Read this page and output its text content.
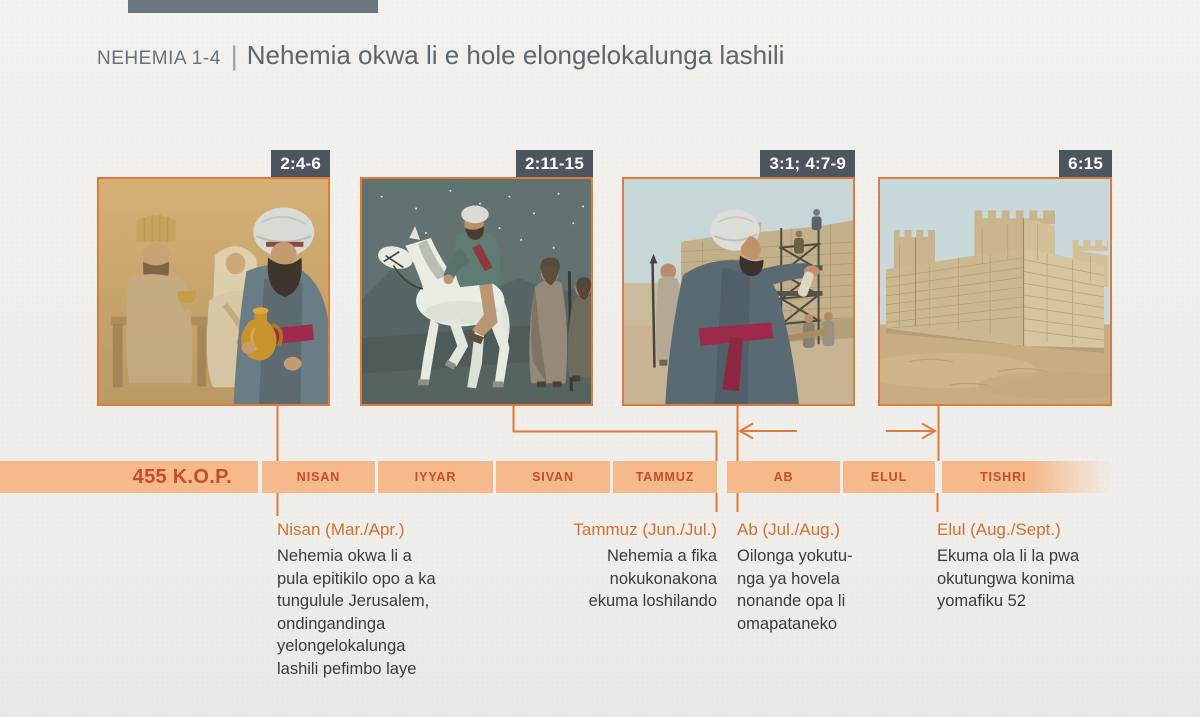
NEHEMIA 1-4 | Nehemia okwa li e hole elongelokalunga lashili
2:4-6	2:11-15	3:1; 4:7-9	6:15
455 K.O.P.	NISAN	IYYAR	SIVAN	TAMMUZ	AB	ELUL	TISHRI
Nisan (Mar./Apr.)
Nehemia okwa li a
pula epitikilo opo a ka
tungulule Jerusalem,
ondingandinga
yelongelokalunga
lashili pefimbo laye
Tammuz (Jun./Jul.)
Nehemia a fika
nokukonakona
ekuma loshilando
Ab (Jul./Aug.)
Oilonga yokutu-
nga ya hovela
nonande opa li
omapataneko
Elul (Aug./Sept.)
Ekuma ola li la pwa
okutungwa konima
yomafiku 52
